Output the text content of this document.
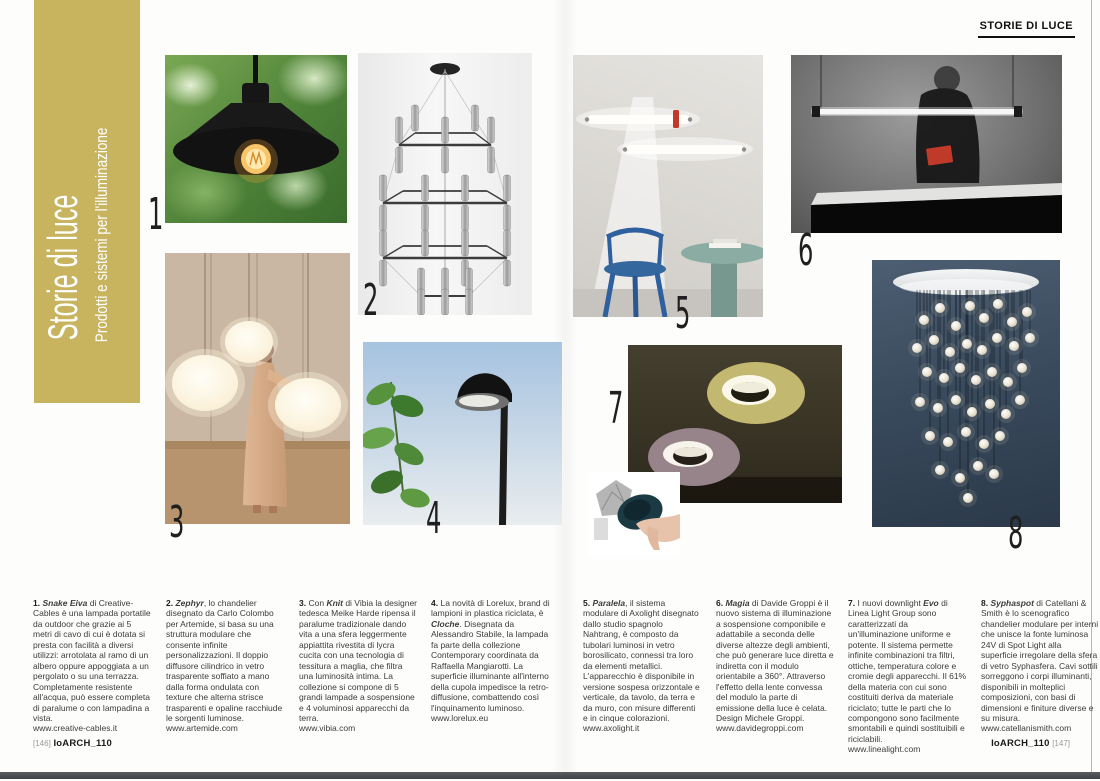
STORIE DI LUCE
Storie di luce Prodotti e sistemi per l'illuminazione 1
2
3	4
5
6
7
8

1. Snake Eiva di Creative-Cables è una lampada portatile da outdoor che grazie ai 5 metri di cavo di cui è dotata si presta con facilità a diversi utilizzi: arrotolata al ramo di un albero oppure appoggiata a un pergolato o su una terrazza. Completamente resistente all'acqua, può essere completa di paralume o con lampadina a vista.

www.creative-cables.it

2. Zephyr, lo chandelier disegnato da Carlo Colombo per Artemide, si basa su una struttura modulare che consente infinite personalizzazioni. Il doppio diffusore cilindrico in vetro trasparente soffiato a mano dalla forma ondulata con texture che alterna strisce trasparenti e opaline racchiude le sorgenti luminose.

www.artemide.com

3. Con Knit di Vibia la designer tedesca Meike Harde ripensa il paralume tradizionale dando vita a una sfera leggermente appiattita rivestita di lycra cucita con una tecnologia di tessitura a maglia, che filtra una luminosità intima. La collezione si compone di 5 grandi lampade a sospensione e 4 voluminosi apparecchi da terra.

www.vibia.com

4. La novità di Lorelux, brand di lampioni in plastica riciclata, è Cloche. Disegnata da Alessandro Stabile, la lampada fa parte della collezione Contemporary coordinata da Raffaella Mangiarotti. La superficie illuminante all'interno della cupola impedisce la retro-diffusione, combattendo così l'inquinamento luminoso.

www.lorelux.eu

5. Paralela, il sistema modulare di Axolight disegnato dallo studio spagnolo Nahtrang, è composto da tubolari luminosi in vetro borosilicato, connessi tra loro da elementi metallici. L'apparecchio è disponibile in versione sospesa orizzontale e verticale, da tavolo, da terra e da muro, con misure differenti e in cinque colorazioni.

www.axolight.it

6. Magia di Davide Groppi è il nuovo sistema di illuminazione a sospensione componibile e adattabile a seconda delle diverse altezze degli ambienti, che può generare luce diretta e indiretta con il modulo orientabile a 360°. Attraverso l'effetto della lente convessa del modulo la parte di emissione della luce è celata. Design Michele Groppi.

www.davidegroppi.com

7. I nuovi downlight Evo di Linea Light Group sono caratterizzati da un'illuminazione uniforme e potente. Il sistema permette infinite combinazioni tra filtri, ottiche, temperatura colore e cromie degli apparecchi. Il 61% della materia con cui sono costituiti deriva da materiale riciclato; tutte le parti che lo compongono sono facilmente smontabili e quindi sostituibili e riciclabili.

www.linealight.com

8. Syphaspot di Catellani & Smith è lo scenografico chandelier modulare per interni che unisce la fonte luminosa 24V di Spot Light alla superficie irregolare della sfera di vetro Syphasfera. Cavi sottili sorreggono i corpi illuminanti, disponibili in molteplici composizioni, con basi di dimensioni e finiture diverse e su misura.

www.catellanismith.com

[146] IoARCH_110	IoARCH_110 [147]
